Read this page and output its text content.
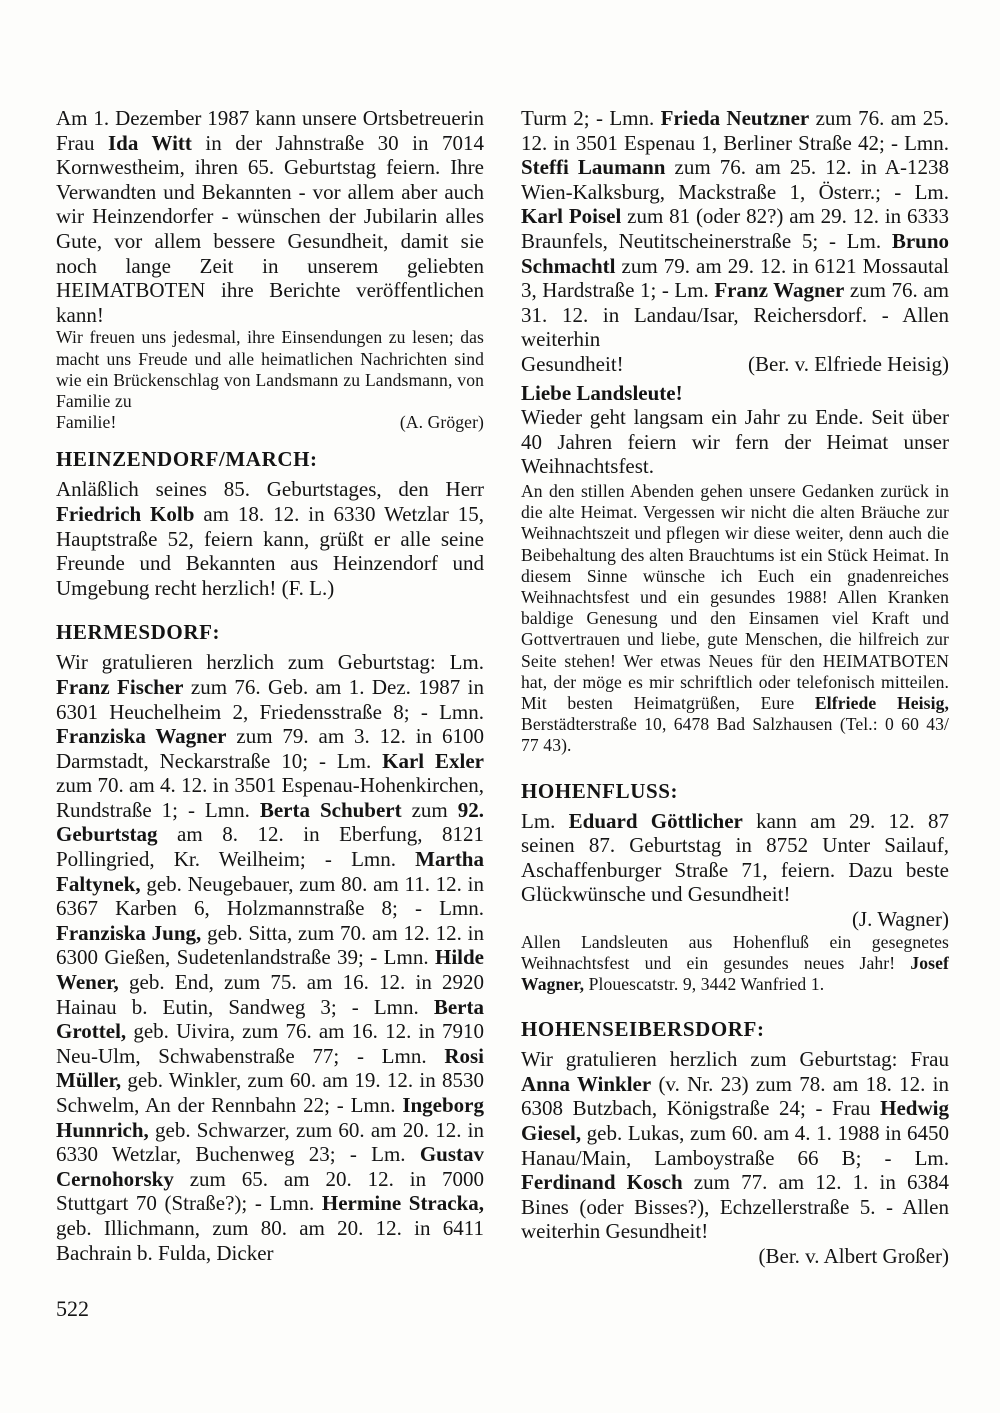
Am 1. Dezember 1987 kann unsere Ortsbetreuerin Frau Ida Witt in der Jahnstraße 30 in 7014 Kornwestheim, ihren 65. Geburtstag feiern. Ihre Verwandten und Bekannten - vor allem aber auch wir Heinzendorfer - wünschen der Jubilarin alles Gute, vor allem bessere Gesundheit, damit sie noch lange Zeit in unserem geliebten HEIMATBOTEN ihre Berichte veröffentlichen kann!

Wir freuen uns jedesmal, ihre Einsendungen zu lesen; das macht uns Freude und alle heimatlichen Nachrichten sind wie ein Brückenschlag von Landsmann zu Landsmann, von Familie zu

Familie!	(A. Gröger)
HEINZENDORF/MARCH:

Anläßlich seines 85. Geburtstages, den Herr Friedrich Kolb am 18. 12. in 6330 Wetzlar 15, Hauptstraße 52, feiern kann, grüßt er alle seine Freunde und Bekannten aus Heinzendorf und Umgebung recht herzlich! (F. L.)

HERMESDORF:

Wir gratulieren herzlich zum Geburtstag: Lm. Franz Fischer zum 76. Geb. am 1. Dez. 1987 in 6301 Heuchelheim 2, Friedensstraße 8; - Lmn. Franziska Wagner zum 79. am 3. 12. in 6100 Darmstadt, Neckarstraße 10; - Lm. Karl Exler zum 70. am 4. 12. in 3501 Espenau-Hohenkirchen, Rundstraße 1; - Lmn. Berta Schubert zum 92. Geburtstag am 8. 12. in Eberfung, 8121 Pollingried, Kr. Weilheim; - Lmn. Martha Faltynek, geb. Neugebauer, zum 80. am 11. 12. in 6367 Karben 6, Holzmannstraße 8; - Lmn. Franziska Jung, geb. Sitta, zum 70. am 12. 12. in 6300 Gießen, Sudetenlandstraße 39; - Lmn. Hilde Wener, geb. End, zum 75. am 16. 12. in 2920 Hainau b. Eutin, Sandweg 3; - Lmn. Berta Grottel, geb. Uivira, zum 76. am 16. 12. in 7910 Neu-Ulm, Schwabenstraße 77; - Lmn. Rosi Müller, geb. Winkler, zum 60. am 19. 12. in 8530 Schwelm, An der Rennbahn 22; - Lmn. Ingeborg Hunnrich, geb. Schwarzer, zum 60. am 20. 12. in 6330 Wetzlar, Buchenweg 23; - Lm. Gustav Cernohorsky zum 65. am 20. 12. in 7000 Stuttgart 70 (Straße?); - Lmn. Hermine Stracka, geb. Illichmann, zum 80. am 20. 12. in 6411 Bachrain b. Fulda, Dicker

Turm 2; - Lmn. Frieda Neutzner zum 76. am 25. 12. in 3501 Espenau 1, Berliner Straße 42; - Lmn. Steffi Laumann zum 76. am 25. 12. in A-1238 Wien-Kalksburg, Mackstraße 1, Österr.; - Lm. Karl Poisel zum 81 (oder 82?) am 29. 12. in 6333 Braunfels, Neutitscheinerstraße 5; - Lm. Bruno Schmachtl zum 79. am 29. 12. in 6121 Mossautal 3, Hardstraße 1; - Lm. Franz Wagner zum 76. am 31. 12. in Landau/Isar, Reichersdorf. - Allen weiterhin

Gesundheit!	(Ber. v. Elfriede Heisig)
Liebe Landsleute!

Wieder geht langsam ein Jahr zu Ende. Seit über 40 Jahren feiern wir fern der Heimat unser Weihnachtsfest.

An den stillen Abenden gehen unsere Gedanken zurück in die alte Heimat. Vergessen wir nicht die alten Bräuche zur Weihnachtszeit und pflegen wir diese weiter, denn auch die Beibehaltung des alten Brauchtums ist ein Stück Heimat. In diesem Sinne wünsche ich Euch ein gnadenreiches Weihnachtsfest und ein gesundes 1988! Allen Kranken baldige Genesung und den Einsamen viel Kraft und Gottvertrauen und liebe, gute Menschen, die hilfreich zur Seite stehen! Wer etwas Neues für den HEIMATBOTEN hat, der möge es mir schriftlich oder telefonisch mitteilen. Mit besten Heimatgrüßen, Eure Elfriede Heisig, Berstädterstraße 10, 6478 Bad Salzhausen (Tel.: 0 60 43/ 77 43).

HOHENFLUSS:

Lm. Eduard Göttlicher kann am 29. 12. 87 seinen 87. Geburtstag in 8752 Unter Sailauf, Aschaffenburger Straße 71, feiern. Dazu beste Glückwünsche und Gesundheit!

(J. Wagner)

Allen Landsleuten aus Hohenfluß ein gesegnetes Weihnachtsfest und ein gesundes neues Jahr! Josef Wagner, Plouescatstr. 9, 3442 Wanfried 1.

HOHENSEIBERSDORF:

Wir gratulieren herzlich zum Geburtstag: Frau Anna Winkler (v. Nr. 23) zum 78. am 18. 12. in 6308 Butzbach, Königstraße 24; - Frau Hedwig Giesel, geb. Lukas, zum 60. am 4. 1. 1988 in 6450 Hanau/Main, Lamboystraße 66 B; - Lm. Ferdinand Kosch zum 77. am 12. 1. in 6384 Bines (oder Bisses?), Echzellerstraße 5. - Allen weiterhin Gesundheit!

(Ber. v. Albert Großer)
522
